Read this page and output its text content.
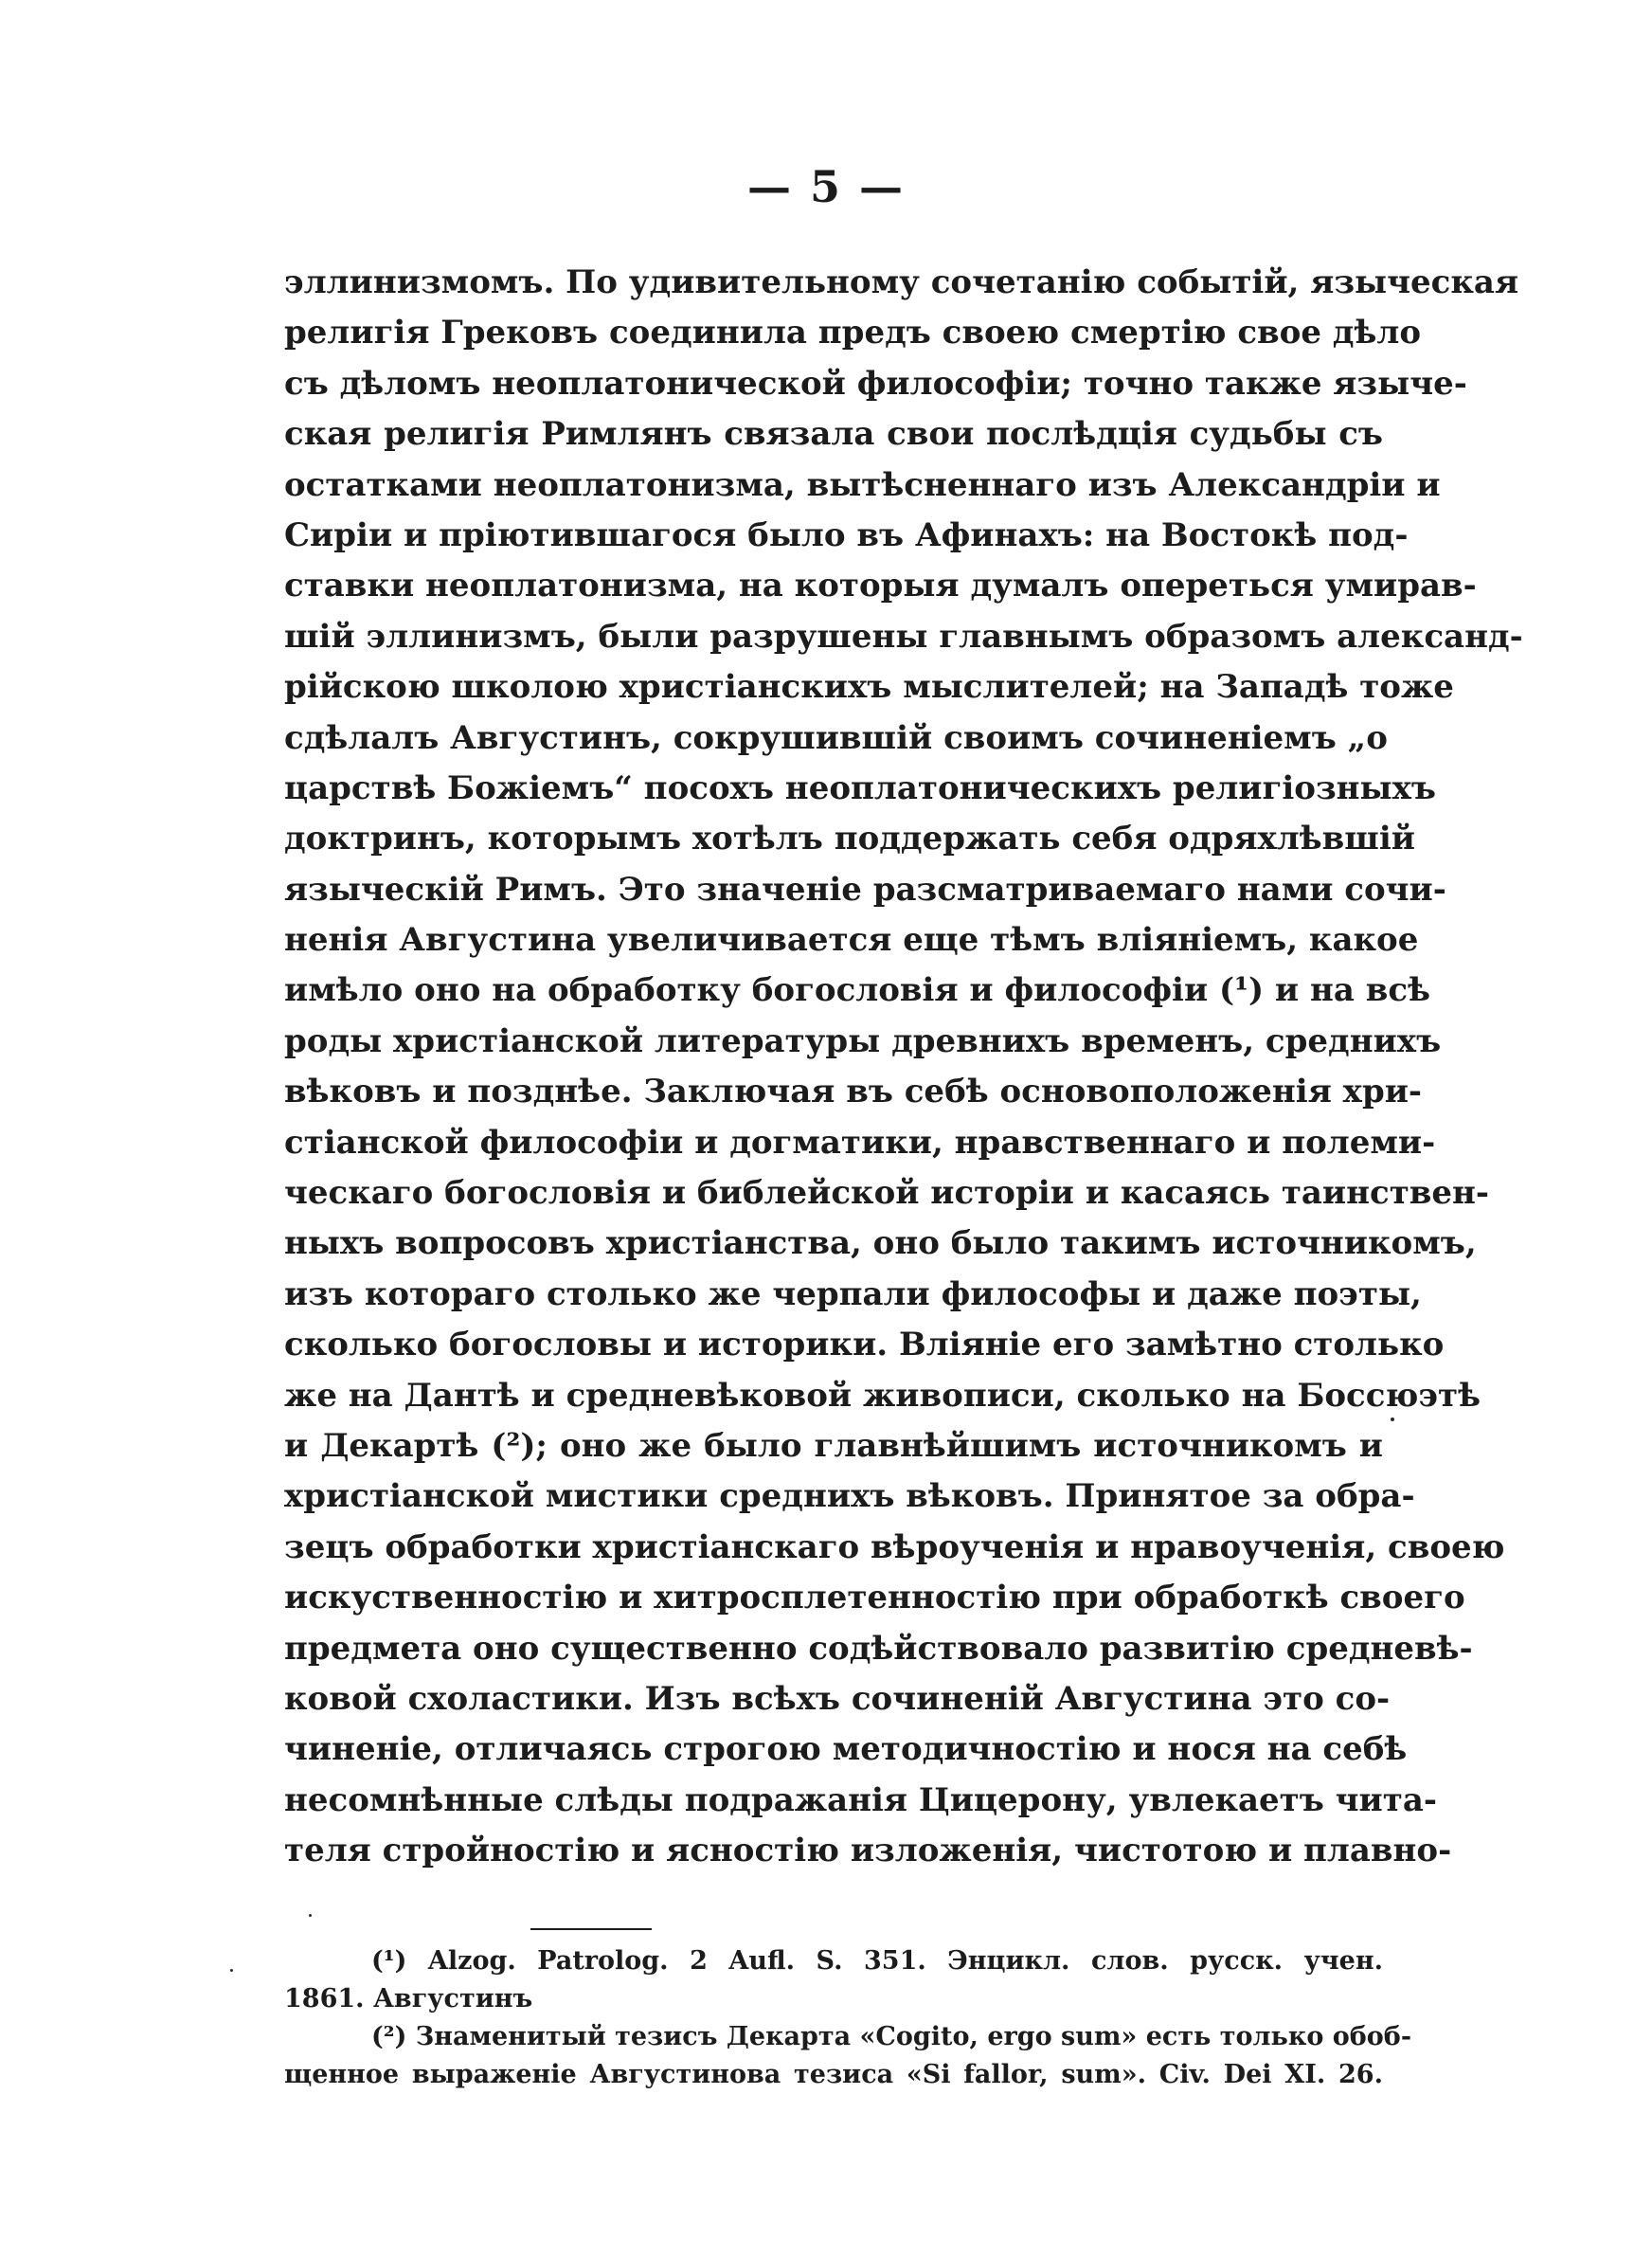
— 5 —
эллинизмомъ. По удивительному сочетанію событій, языческая
религія Грековъ соединила предъ своею смертію свое дѣло
съ дѣломъ неоплатонической философіи; точно также языче-
ская религія Римлянъ связала свои послѣдція судьбы съ
остатками неоплатонизма, вытѣсненнаго изъ Александріи и
Сиріи и пріютившагося было въ Афинахъ: на Востокѣ под-
ставки неоплатонизма, на которыя думалъ опереться умирав-
шій эллинизмъ, были разрушены главнымъ образомъ александ-
рійскою школою христіанскихъ мыслителей; на Западѣ тоже
сдѣлалъ Августинъ, сокрушившій своимъ сочиненіемъ „о
царствѣ Божіемъ“ посохъ неоплатоническихъ религіозныхъ
доктринъ, которымъ хотѣлъ поддержать себя одряхлѣвшій
языческій Римъ. Это значеніе разсматриваемаго нами сочи-
ненія Августина увеличивается еще тѣмъ вліяніемъ, какое
имѣло оно на обработку богословія и философіи (¹) и на всѣ
роды христіанской литературы древнихъ временъ, среднихъ
вѣковъ и позднѣе. Заключая въ себѣ основоположенія хри-
стіанской философіи и догматики, нравственнаго и полеми-
ческаго богословія и библейской исторіи и касаясь таинствен-
ныхъ вопросовъ христіанства, оно было такимъ источникомъ,
изъ котораго столько же черпали философы и даже поэты,
сколько богословы и историки. Вліяніе его замѣтно столько
же на Дантѣ и средневѣковой живописи, сколько на Боссюэтѣ
и Декартѣ (²); оно же было главнѣйшимъ источникомъ и
христіанской мистики среднихъ вѣковъ. Принятое за обра-
зецъ обработки христіанскаго вѣроученія и нравоученія, своею
искуственностію и хитросплетенностію при обработкѣ своего
предмета оно существенно содѣйствовало развитію средневѣ-
ковой схоластики. Изъ всѣхъ сочиненій Августина это со-
чиненіе, отличаясь строгою методичностію и нося на себѣ
несомнѣнные слѣды подражанія Цицерону, увлекаетъ чита-
теля стройностію и ясностію изложенія, чистотою и плавно-
(¹) Alzog. Patrolog. 2 Aufl. S. 351. Энцикл. слов. русск. учен.
1861. Августинъ
(²) Знаменитый тезисъ Декарта «Cogito, ergo sum» есть только обоб-
щенное выраженіе Августинова тезиса «Si fallor, sum». Civ. Dei XI. 26.
